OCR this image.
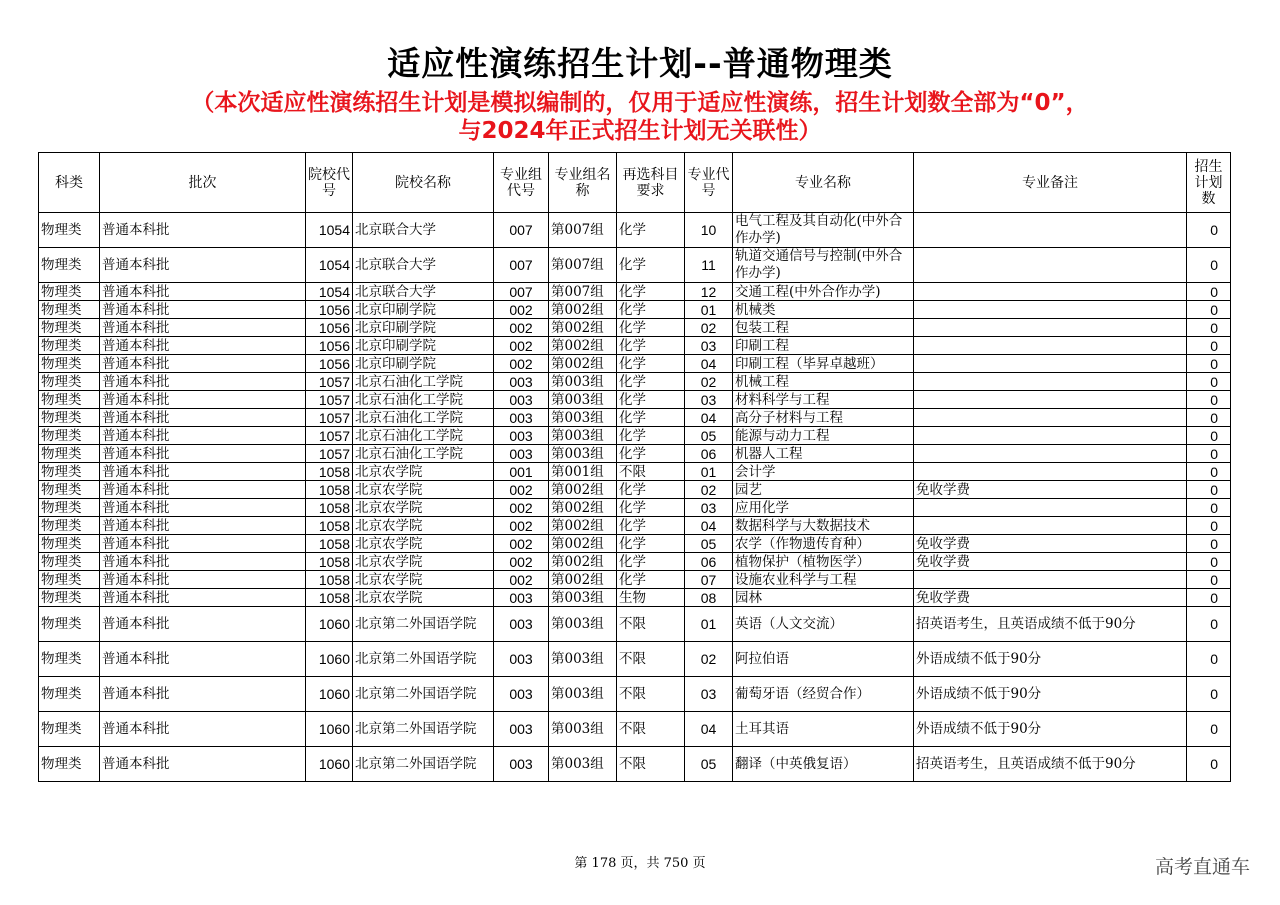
适应性演练招生计划--普通物理类
（本次适应性演练招生计划是模拟编制的，仅用于适应性演练，招生计划数全部为“0”，
与2024年正式招生计划无关联性）
科类	批次	院校代号	院校名称	专业组代号	专业组名称	再选科目要求	专业代号	专业名称	专业备注	招生计划数
物理类	普通本科批	1054	北京联合大学	007	第007组	化学	10	电气工程及其自动化(中外合作办学)		0
物理类	普通本科批	1054	北京联合大学	007	第007组	化学	11	轨道交通信号与控制(中外合作办学)		0
物理类	普通本科批	1054	北京联合大学	007	第007组	化学	12	交通工程(中外合作办学)		0
物理类	普通本科批	1056	北京印刷学院	002	第002组	化学	01	机械类		0
物理类	普通本科批	1056	北京印刷学院	002	第002组	化学	02	包装工程		0
物理类	普通本科批	1056	北京印刷学院	002	第002组	化学	03	印刷工程		0
物理类	普通本科批	1056	北京印刷学院	002	第002组	化学	04	印刷工程（毕昇卓越班）		0
物理类	普通本科批	1057	北京石油化工学院	003	第003组	化学	02	机械工程		0
物理类	普通本科批	1057	北京石油化工学院	003	第003组	化学	03	材料科学与工程		0
物理类	普通本科批	1057	北京石油化工学院	003	第003组	化学	04	高分子材料与工程		0
物理类	普通本科批	1057	北京石油化工学院	003	第003组	化学	05	能源与动力工程		0
物理类	普通本科批	1057	北京石油化工学院	003	第003组	化学	06	机器人工程		0
物理类	普通本科批	1058	北京农学院	001	第001组	不限	01	会计学		0
物理类	普通本科批	1058	北京农学院	002	第002组	化学	02	园艺	免收学费	0
物理类	普通本科批	1058	北京农学院	002	第002组	化学	03	应用化学		0
物理类	普通本科批	1058	北京农学院	002	第002组	化学	04	数据科学与大数据技术		0
物理类	普通本科批	1058	北京农学院	002	第002组	化学	05	农学（作物遗传育种）	免收学费	0
物理类	普通本科批	1058	北京农学院	002	第002组	化学	06	植物保护（植物医学）	免收学费	0
物理类	普通本科批	1058	北京农学院	002	第002组	化学	07	设施农业科学与工程		0
物理类	普通本科批	1058	北京农学院	003	第003组	生物	08	园林	免收学费	0
物理类	普通本科批	1060	北京第二外国语学院	003	第003组	不限	01	英语（人文交流）	招英语考生，且英语成绩不低于90分	0
物理类	普通本科批	1060	北京第二外国语学院	003	第003组	不限	02	阿拉伯语	外语成绩不低于90分	0
物理类	普通本科批	1060	北京第二外国语学院	003	第003组	不限	03	葡萄牙语（经贸合作）	外语成绩不低于90分	0
物理类	普通本科批	1060	北京第二外国语学院	003	第003组	不限	04	土耳其语	外语成绩不低于90分	0
物理类	普通本科批	1060	北京第二外国语学院	003	第003组	不限	05	翻译（中英俄复语）	招英语考生，且英语成绩不低于90分	0
第 178 页，共 750 页	高考直通车
